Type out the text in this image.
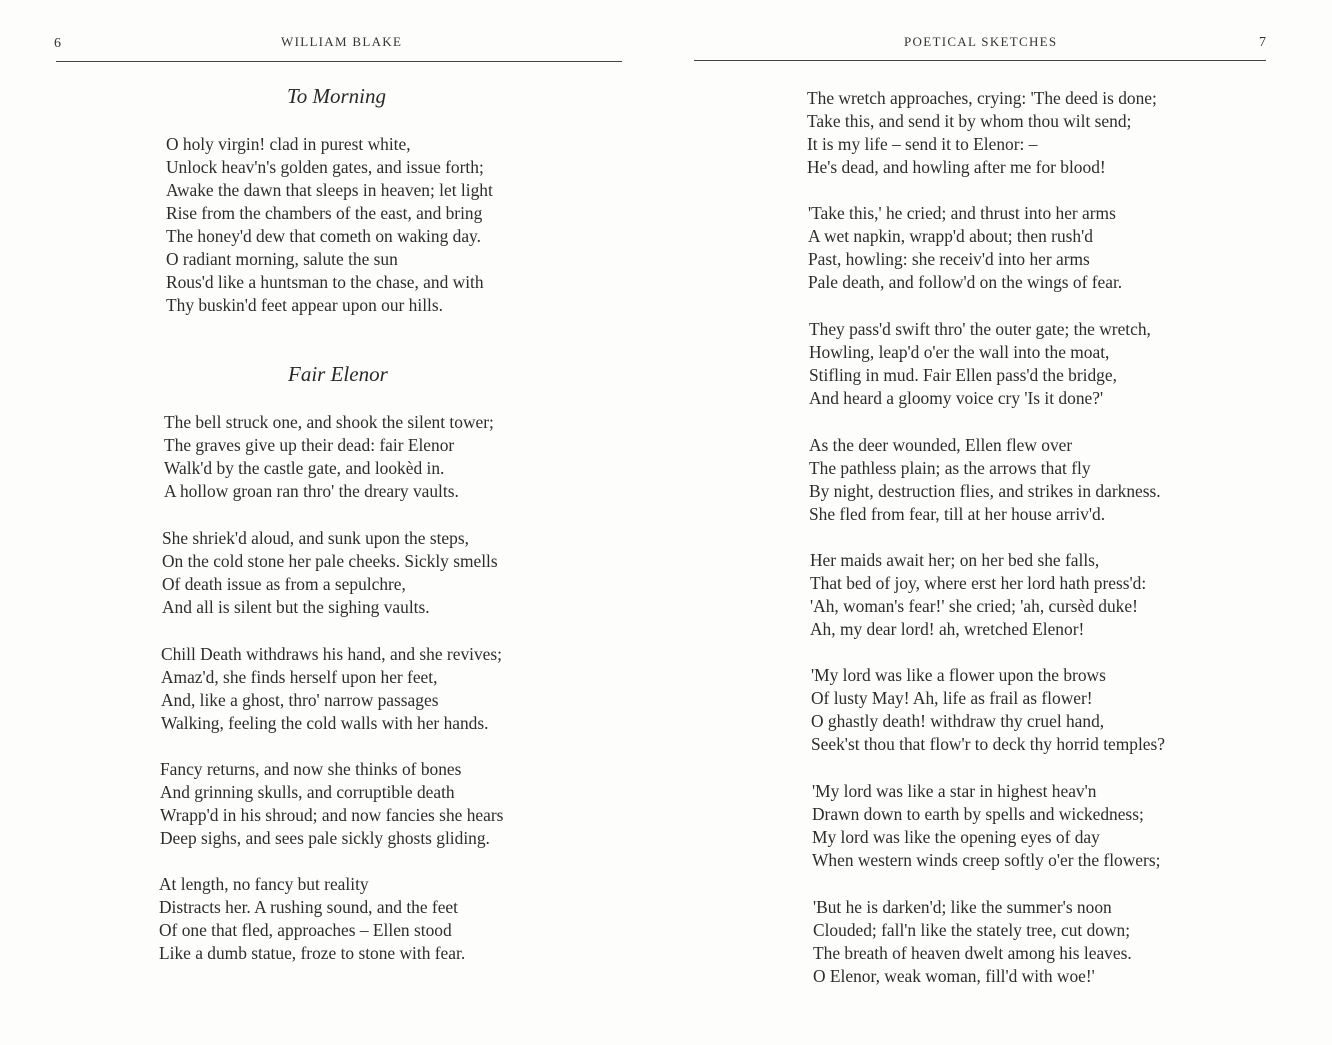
6	WILLIAM BLAKE
To Morning
O holy virgin! clad in purest white,
Unlock heav'n's golden gates, and issue forth;
Awake the dawn that sleeps in heaven; let light
Rise from the chambers of the east, and bring
The honey'd dew that cometh on waking day.
O radiant morning, salute the sun
Rous'd like a huntsman to the chase, and with
Thy buskin'd feet appear upon our hills.
Fair Elenor
The bell struck one, and shook the silent tower;
The graves give up their dead: fair Elenor
Walk'd by the castle gate, and lookèd in.
A hollow groan ran thro' the dreary vaults.
She shriek'd aloud, and sunk upon the steps,
On the cold stone her pale cheeks. Sickly smells
Of death issue as from a sepulchre,
And all is silent but the sighing vaults.
Chill Death withdraws his hand, and she revives;
Amaz'd, she finds herself upon her feet,
And, like a ghost, thro' narrow passages
Walking, feeling the cold walls with her hands.
Fancy returns, and now she thinks of bones
And grinning skulls, and corruptible death
Wrapp'd in his shroud; and now fancies she hears
Deep sighs, and sees pale sickly ghosts gliding.
At length, no fancy but reality
Distracts her. A rushing sound, and the feet
Of one that fled, approaches – Ellen stood
Like a dumb statue, froze to stone with fear.
POETICAL SKETCHES	7
The wretch approaches, crying: 'The deed is done;
Take this, and send it by whom thou wilt send;
It is my life – send it to Elenor: –
He's dead, and howling after me for blood!
'Take this,' he cried; and thrust into her arms
A wet napkin, wrapp'd about; then rush'd
Past, howling: she receiv'd into her arms
Pale death, and follow'd on the wings of fear.
They pass'd swift thro' the outer gate; the wretch,
Howling, leap'd o'er the wall into the moat,
Stifling in mud. Fair Ellen pass'd the bridge,
And heard a gloomy voice cry 'Is it done?'
As the deer wounded, Ellen flew over
The pathless plain; as the arrows that fly
By night, destruction flies, and strikes in darkness.
She fled from fear, till at her house arriv'd.
Her maids await her; on her bed she falls,
That bed of joy, where erst her lord hath press'd:
'Ah, woman's fear!' she cried; 'ah, cursèd duke!
Ah, my dear lord! ah, wretched Elenor!
'My lord was like a flower upon the brows
Of lusty May! Ah, life as frail as flower!
O ghastly death! withdraw thy cruel hand,
Seek'st thou that flow'r to deck thy horrid temples?
'My lord was like a star in highest heav'n
Drawn down to earth by spells and wickedness;
My lord was like the opening eyes of day
When western winds creep softly o'er the flowers;
'But he is darken'd; like the summer's noon
Clouded; fall'n like the stately tree, cut down;
The breath of heaven dwelt among his leaves.
O Elenor, weak woman, fill'd with woe!'
